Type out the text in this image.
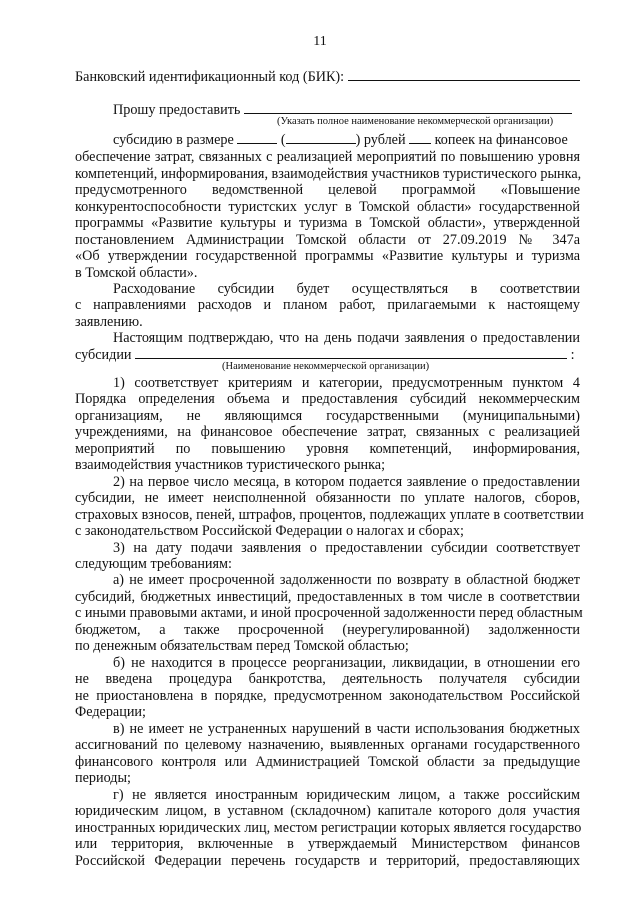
11
Банковский идентификационный код (БИК):
Прошу предоставить
(Указать полное наименование некоммерческой организации)
субсидию в размере	(	) рублей копеек на финансовое
обеспечение затрат, связанных с реализацией мероприятий по повышению уровня
компетенций, информирования, взаимодействия участников туристического рынка,
предусмотренного ведомственной целевой программой «Повышение
конкурентоспособности туристских услуг в Томской области» государственной
программы «Развитие культуры и туризма в Томской области», утвержденной
постановлением Администрации Томской области от 27.09.2019 № 347а
«Об утверждении государственной программы «Развитие культуры и туризма
в Томской области».
Расходование субсидии будет осуществляться в соответствии
с направлениями расходов и планом работ, прилагаемыми к настоящему
заявлению.
Настоящим подтверждаю, что на день подачи заявления о предоставлении
субсидии	:
(Наименование некоммерческой организации)
1) соответствует критериям и категории, предусмотренным пунктом 4
Порядка определения объема и предоставления субсидий некоммерческим
организациям, не являющимся государственными (муниципальными)
учреждениями, на финансовое обеспечение затрат, связанных с реализацией
мероприятий по повышению уровня компетенций, информирования,
взаимодействия участников туристического рынка;
2) на первое число месяца, в котором подается заявление о предоставлении
субсидии, не имеет неисполненной обязанности по уплате налогов, сборов,
страховых взносов, пеней, штрафов, процентов, подлежащих уплате в соответствии
с законодательством Российской Федерации о налогах и сборах;
3) на дату подачи заявления о предоставлении субсидии соответствует
следующим требованиям:
а) не имеет просроченной задолженности по возврату в областной бюджет
субсидий, бюджетных инвестиций, предоставленных в том числе в соответствии
с иными правовыми актами, и иной просроченной задолженности перед областным
бюджетом, а также просроченной (неурегулированной) задолженности
по денежным обязательствам перед Томской областью;
б) не находится в процессе реорганизации, ликвидации, в отношении его
не введена процедура банкротства, деятельность получателя субсидии
не приостановлена в порядке, предусмотренном законодательством Российской
Федерации;
в) не имеет не устраненных нарушений в части использования бюджетных
ассигнований по целевому назначению, выявленных органами государственного
финансового контроля или Администрацией Томской области за предыдущие
периоды;
г) не является иностранным юридическим лицом, а также российским
юридическим лицом, в уставном (складочном) капитале которого доля участия
иностранных юридических лиц, местом регистрации которых является государство
или территория, включенные в утверждаемый Министерством финансов
Российской Федерации перечень государств и территорий, предоставляющих
